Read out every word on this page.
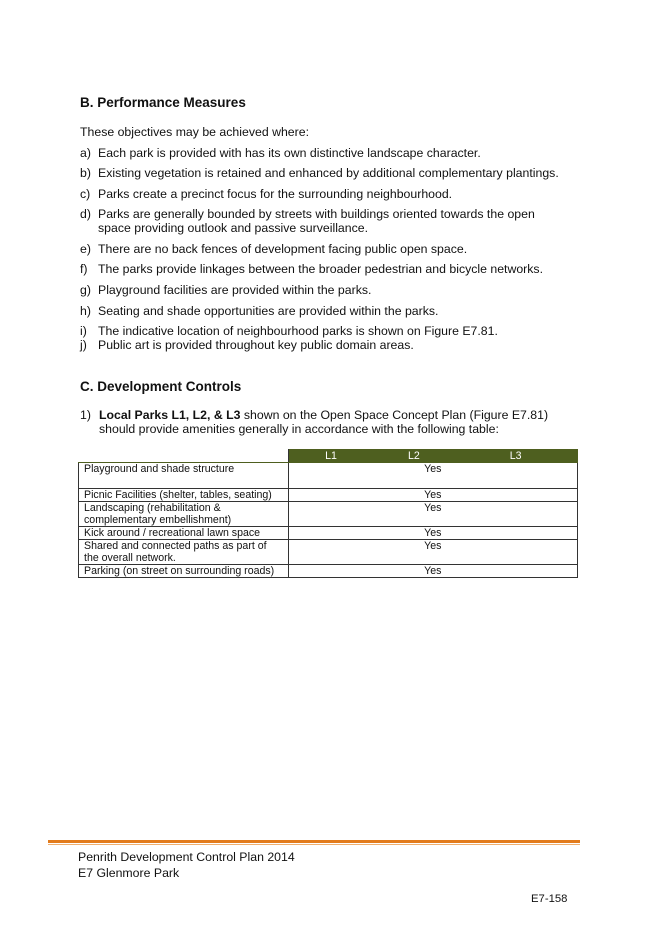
B. Performance Measures
These objectives may be achieved where:
a) Each park is provided with has its own distinctive landscape character.
b) Existing vegetation is retained and enhanced by additional complementary plantings.
c) Parks create a precinct focus for the surrounding neighbourhood.
d) Parks are generally bounded by streets with buildings oriented towards the open space providing outlook and passive surveillance.
e) There are no back fences of development facing public open space.
f) The parks provide linkages between the broader pedestrian and bicycle networks.
g) Playground facilities are provided within the parks.
h) Seating and shade opportunities are provided within the parks.
i) The indicative location of neighbourhood parks is shown on Figure E7.81.
j) Public art is provided throughout key public domain areas.
C. Development Controls
1) Local Parks L1, L2, & L3 shown on the Open Space Concept Plan (Figure E7.81) should provide amenities generally in accordance with the following table:
	L1	L2	L3
Playground and shade structure	Yes		
Picnic Facilities (shelter, tables, seating)	Yes		
Landscaping (rehabilitation & complementary embellishment)	Yes		
Kick around / recreational lawn space	Yes		
Shared and connected paths as part of the overall network.	Yes		
Parking (on street on surrounding roads)	Yes		
Penrith Development Control Plan 2014
E7 Glenmore Park
E7-158
